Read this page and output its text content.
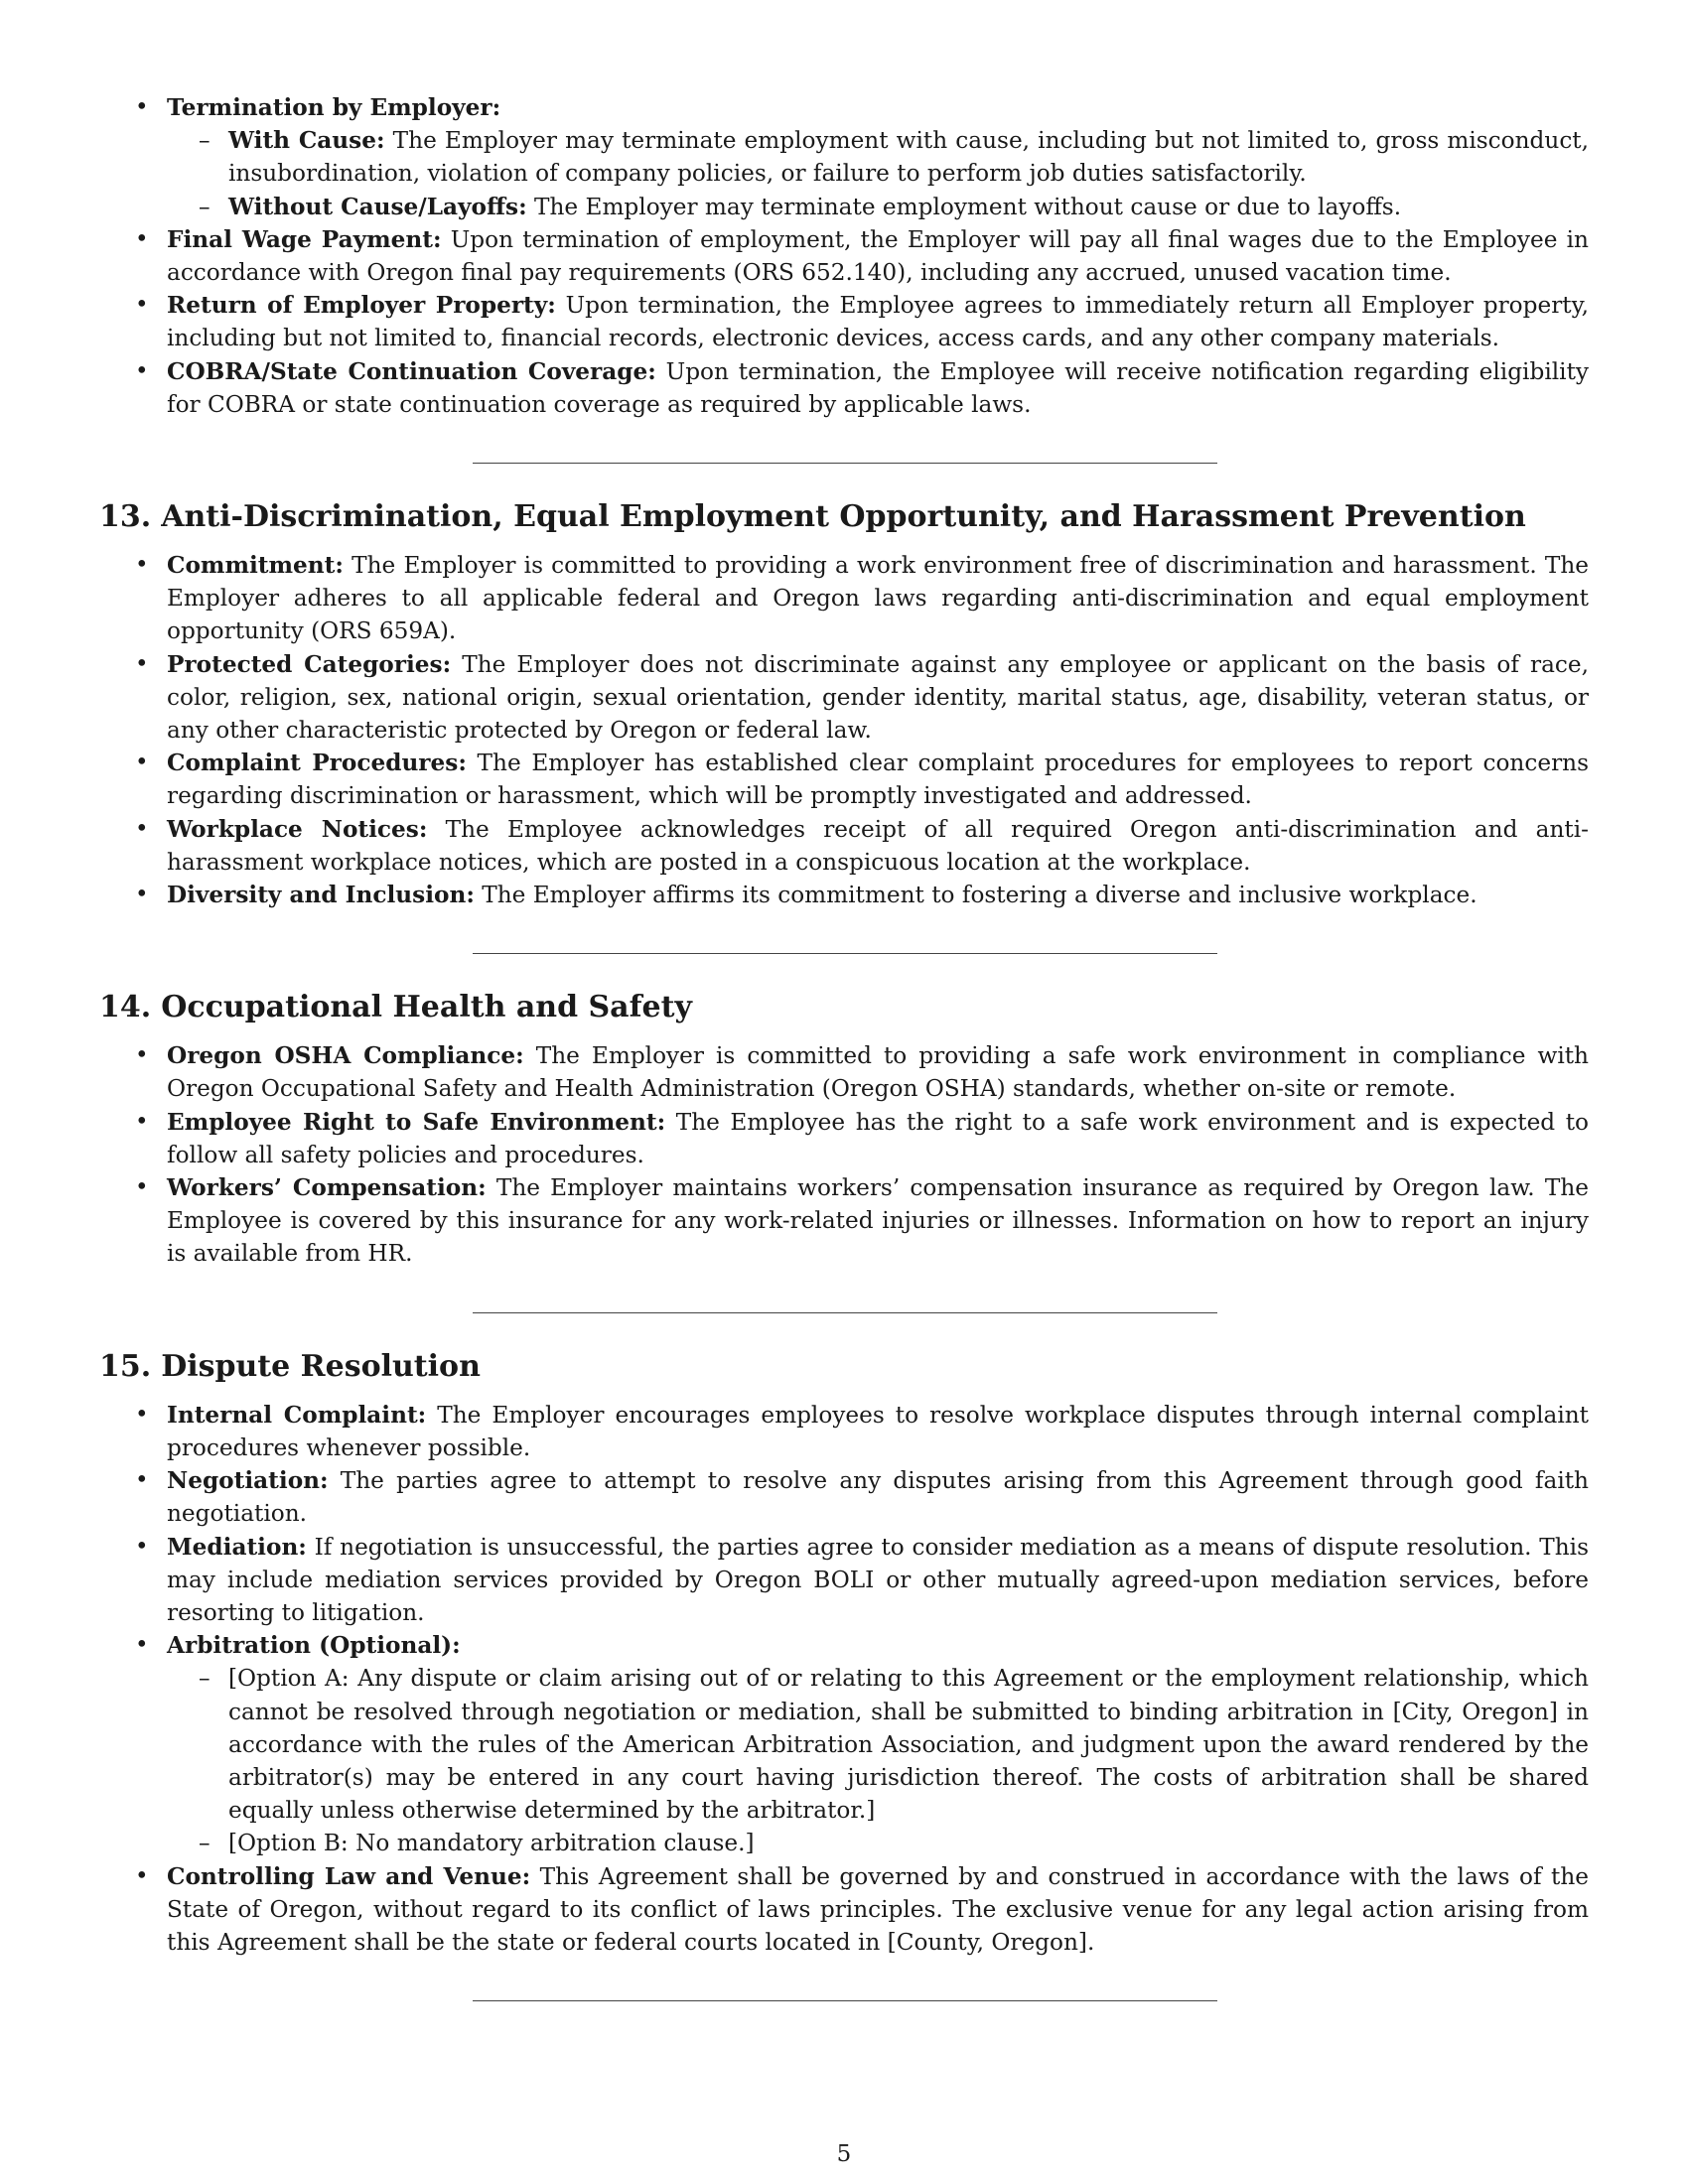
• Termination by Employer:
– With Cause: The Employer may terminate employment with cause, including but not limited to, gross misconduct, insubordination, violation of company policies, or failure to perform job duties satisfactorily.
– Without Cause/Layoffs: The Employer may terminate employment without cause or due to layoffs.
• Final Wage Payment: Upon termination of employment, the Employer will pay all final wages due to the Employee in accordance with Oregon final pay requirements (ORS 652.140), including any accrued, unused vacation time.
• Return of Employer Property: Upon termination, the Employee agrees to immediately return all Employer property, including but not limited to, financial records, electronic devices, access cards, and any other company materials.
• COBRA/State Continuation Coverage: Upon termination, the Employee will receive notification regarding eligibility for COBRA or state continuation coverage as required by applicable laws.
13. Anti-Discrimination, Equal Employment Opportunity, and Harassment Prevention
• Commitment: The Employer is committed to providing a work environment free of discrimination and harassment. The Employer adheres to all applicable federal and Oregon laws regarding anti-discrimination and equal employment opportunity (ORS 659A).
• Protected Categories: The Employer does not discriminate against any employee or applicant on the basis of race, color, religion, sex, national origin, sexual orientation, gender identity, marital status, age, disability, veteran status, or any other characteristic protected by Oregon or federal law.
• Complaint Procedures: The Employer has established clear complaint procedures for employees to report concerns regarding discrimination or harassment, which will be promptly investigated and addressed.
• Workplace Notices: The Employee acknowledges receipt of all required Oregon anti-discrimination and anti-harassment workplace notices, which are posted in a conspicuous location at the workplace.
• Diversity and Inclusion: The Employer affirms its commitment to fostering a diverse and inclusive workplace.
14. Occupational Health and Safety
• Oregon OSHA Compliance: The Employer is committed to providing a safe work environment in compliance with Oregon Occupational Safety and Health Administration (Oregon OSHA) standards, whether on-site or remote.
• Employee Right to Safe Environment: The Employee has the right to a safe work environment and is expected to follow all safety policies and procedures.
• Workers’ Compensation: The Employer maintains workers’ compensation insurance as required by Oregon law. The Employee is covered by this insurance for any work-related injuries or illnesses. Information on how to report an injury is available from HR.
15. Dispute Resolution
• Internal Complaint: The Employer encourages employees to resolve workplace disputes through internal complaint procedures whenever possible.
• Negotiation: The parties agree to attempt to resolve any disputes arising from this Agreement through good faith negotiation.
• Mediation: If negotiation is unsuccessful, the parties agree to consider mediation as a means of dispute resolution. This may include mediation services provided by Oregon BOLI or other mutually agreed-upon mediation services, before resorting to litigation.
• Arbitration (Optional):
– [Option A: Any dispute or claim arising out of or relating to this Agreement or the employment relationship, which cannot be resolved through negotiation or mediation, shall be submitted to binding arbitration in [City, Oregon] in accordance with the rules of the American Arbitration Association, and judgment upon the award rendered by the arbitrator(s) may be entered in any court having jurisdiction thereof. The costs of arbitration shall be shared equally unless otherwise determined by the arbitrator.]
– [Option B: No mandatory arbitration clause.]
• Controlling Law and Venue: This Agreement shall be governed by and construed in accordance with the laws of the State of Oregon, without regard to its conflict of laws principles. The exclusive venue for any legal action arising from this Agreement shall be the state or federal courts located in [County, Oregon].
5
